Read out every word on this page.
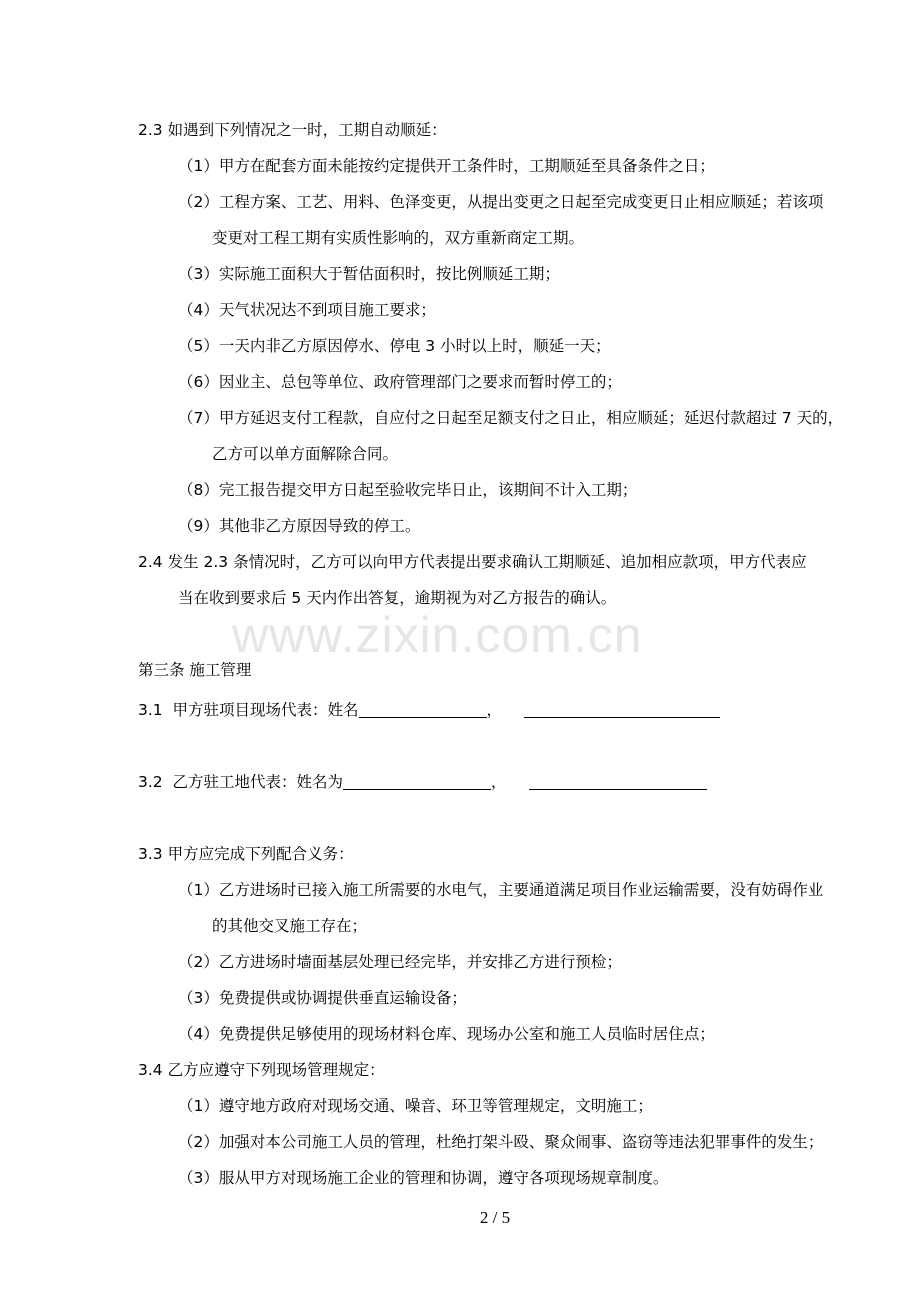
www.zixin.com.cn
2.3 如遇到下列情况之一时，工期自动顺延：
（1）甲方在配套方面未能按约定提供开工条件时，工期顺延至具备条件之日；
（2）工程方案、工艺、用料、色泽变更，从提出变更之日起至完成变更日止相应顺延；若该项
变更对工程工期有实质性影响的，双方重新商定工期。
（3）实际施工面积大于暂估面积时，按比例顺延工期；
（4）天气状况达不到项目施工要求；
（5）一天内非乙方原因停水、停电 3 小时以上时，顺延一天；
（6）因业主、总包等单位、政府管理部门之要求而暂时停工的；
（7）甲方延迟支付工程款，自应付之日起至足额支付之日止，相应顺延；延迟付款超过 7 天的，
乙方可以单方面解除合同。
（8）完工报告提交甲方日起至验收完毕日止，该期间不计入工期；
（9）其他非乙方原因导致的停工。
2.4 发生 2.3 条情况时，乙方可以向甲方代表提出要求确认工期顺延、追加相应款项，甲方代表应
当在收到要求后 5 天内作出答复，逾期视为对乙方报告的确认。
第三条 施工管理
3.1  甲方驻项目现场代表：姓名	，
3.2  乙方驻工地代表：姓名为	，
3.3 甲方应完成下列配合义务：
（1）乙方进场时已接入施工所需要的水电气，主要通道满足项目作业运输需要，没有妨碍作业
的其他交叉施工存在；
（2）乙方进场时墙面基层处理已经完毕，并安排乙方进行预检；
（3）免费提供或协调提供垂直运输设备；
（4）免费提供足够使用的现场材料仓库、现场办公室和施工人员临时居住点；
3.4 乙方应遵守下列现场管理规定：
（1）遵守地方政府对现场交通、噪音、环卫等管理规定，文明施工；
（2）加强对本公司施工人员的管理，杜绝打架斗殴、聚众闹事、盗窃等违法犯罪事件的发生；
（3）服从甲方对现场施工企业的管理和协调，遵守各项现场规章制度。
2 / 5
